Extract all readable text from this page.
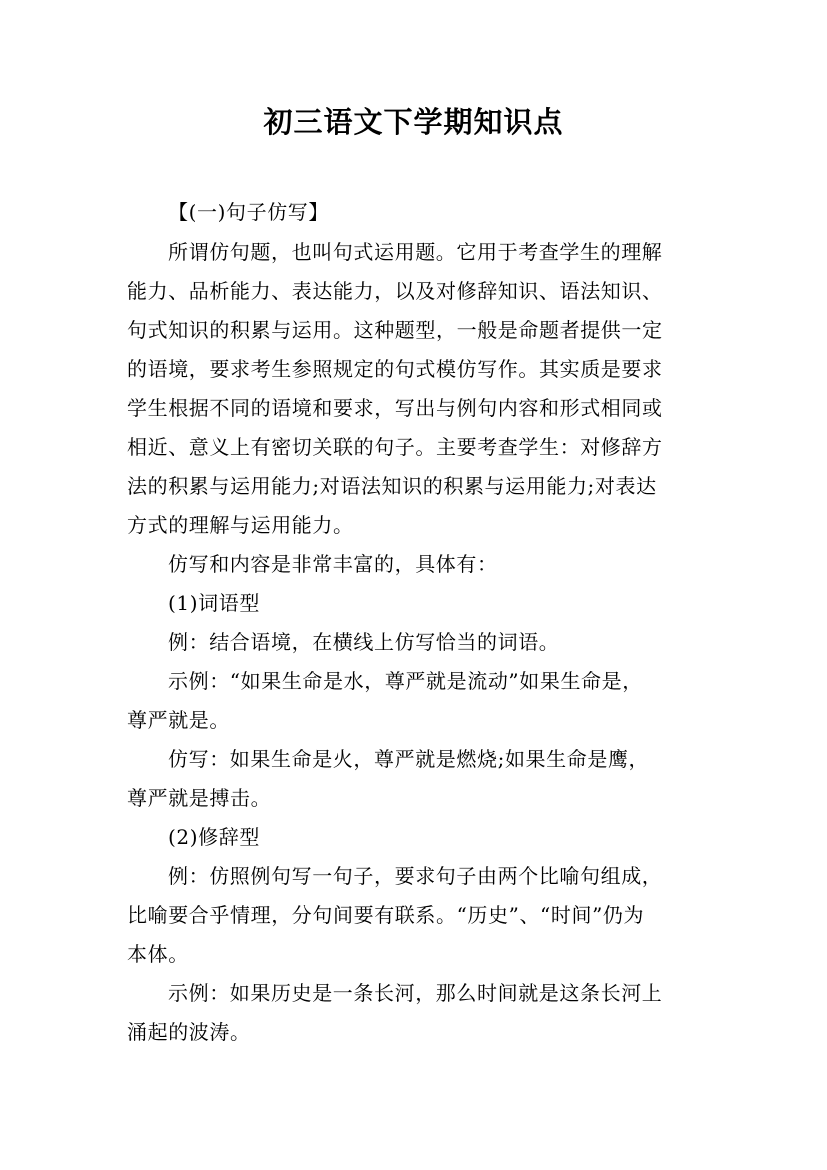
初三语文下学期知识点
【(一)句子仿写】
所谓仿句题，也叫句式运用题。它用于考查学生的理解
能力、品析能力、表达能力，以及对修辞知识、语法知识、
句式知识的积累与运用。这种题型，一般是命题者提供一定
的语境，要求考生参照规定的句式模仿写作。其实质是要求
学生根据不同的语境和要求，写出与例句内容和形式相同或
相近、意义上有密切关联的句子。主要考查学生：对修辞方
法的积累与运用能力;对语法知识的积累与运用能力;对表达
方式的理解与运用能力。
仿写和内容是非常丰富的，具体有：
(1)词语型
例：结合语境，在横线上仿写恰当的词语。
示例：“如果生命是水，尊严就是流动”如果生命是，
尊严就是。
仿写：如果生命是火，尊严就是燃烧;如果生命是鹰，
尊严就是搏击。
(2)修辞型
例：仿照例句写一句子，要求句子由两个比喻句组成，
比喻要合乎情理，分句间要有联系。“历史”、“时间”仍为
本体。
示例：如果历史是一条长河，那么时间就是这条长河上
涌起的波涛。
